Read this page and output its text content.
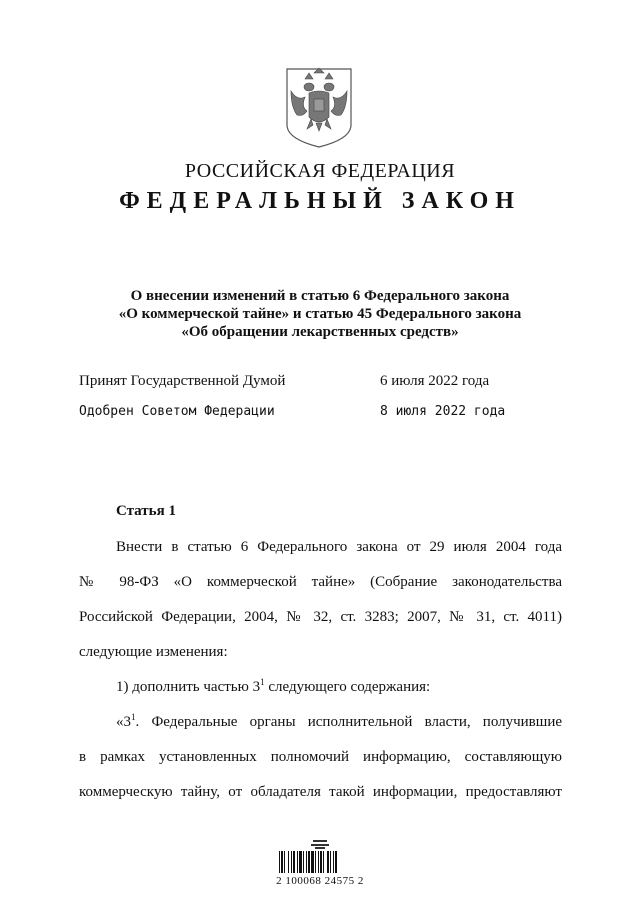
РОССИЙСКАЯ ФЕДЕРАЦИЯ
ФЕДЕРАЛЬНЫЙ ЗАКОН
О внесении изменений в статью 6 Федерального закона
«О коммерческой тайне» и статью 45 Федерального закона
«Об обращении лекарственных средств»
Принят Государственной Думой	6 июля 2022 года
Одобрен Советом Федерации	8 июля 2022 года
Статья 1
Внести в статью 6 Федерального закона от 29 июля 2004 года
№ 98-ФЗ «О коммерческой тайне» (Собрание законодательства
Российской Федерации, 2004, № 32, ст. 3283; 2007, № 31, ст. 4011)
следующие изменения:
1) дополнить частью $3^1$ следующего содержания:
«$3^1$. Федеральные органы исполнительной власти, получившие
в рамках установленных полномочий информацию, составляющую
коммерческую тайну, от обладателя такой информации, предоставляют
2 100068 24575 2
